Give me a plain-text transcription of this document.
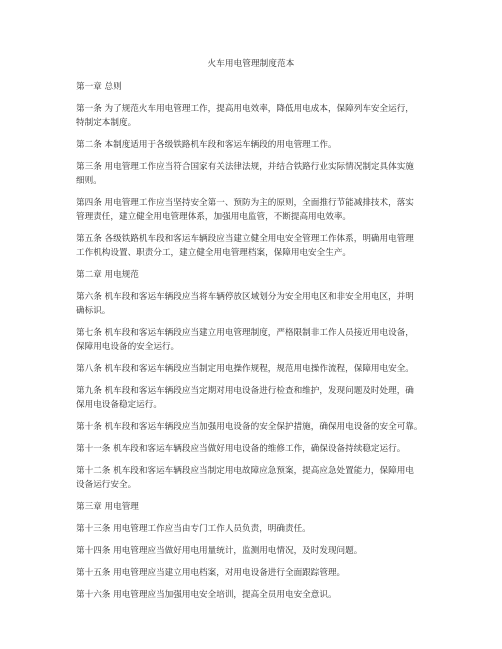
火车用电管理制度范本
第一章 总则
第一条 为了规范火车用电管理工作，提高用电效率，降低用电成本，保障列车安全运行，
特制定本制度。
第二条 本制度适用于各级铁路机车段和客运车辆段的用电管理工作。
第三条 用电管理工作应当符合国家有关法律法规，并结合铁路行业实际情况制定具体实施
细则。
第四条 用电管理工作应当坚持安全第一、预防为主的原则，全面推行节能减排技术，落实
管理责任，建立健全用电管理体系，加强用电监管，不断提高用电效率。
第五条 各级铁路机车段和客运车辆段应当建立健全用电安全管理工作体系，明确用电管理
工作机构设置、职责分工，建立健全用电管理档案，保障用电安全生产。
第二章 用电规范
第六条 机车段和客运车辆段应当将车辆停放区域划分为安全用电区和非安全用电区，并明
确标识。
第七条 机车段和客运车辆段应当建立用电管理制度，严格限制非工作人员接近用电设备，
保障用电设备的安全运行。
第八条 机车段和客运车辆段应当制定用电操作规程，规范用电操作流程，保障用电安全。
第九条 机车段和客运车辆段应当定期对用电设备进行检查和维护，发现问题及时处理，确
保用电设备稳定运行。
第十条 机车段和客运车辆段应当加强用电设备的安全保护措施，确保用电设备的安全可靠。
第十一条 机车段和客运车辆段应当做好用电设备的维修工作，确保设备持续稳定运行。
第十二条 机车段和客运车辆段应当制定用电故障应急预案，提高应急处置能力，保障用电
设备运行安全。
第三章 用电管理
第十三条 用电管理工作应当由专门工作人员负责，明确责任。
第十四条 用电管理应当做好用电用量统计，监测用电情况，及时发现问题。
第十五条 用电管理应当建立用电档案，对用电设备进行全面跟踪管理。
第十六条 用电管理应当加强用电安全培训，提高全员用电安全意识。
